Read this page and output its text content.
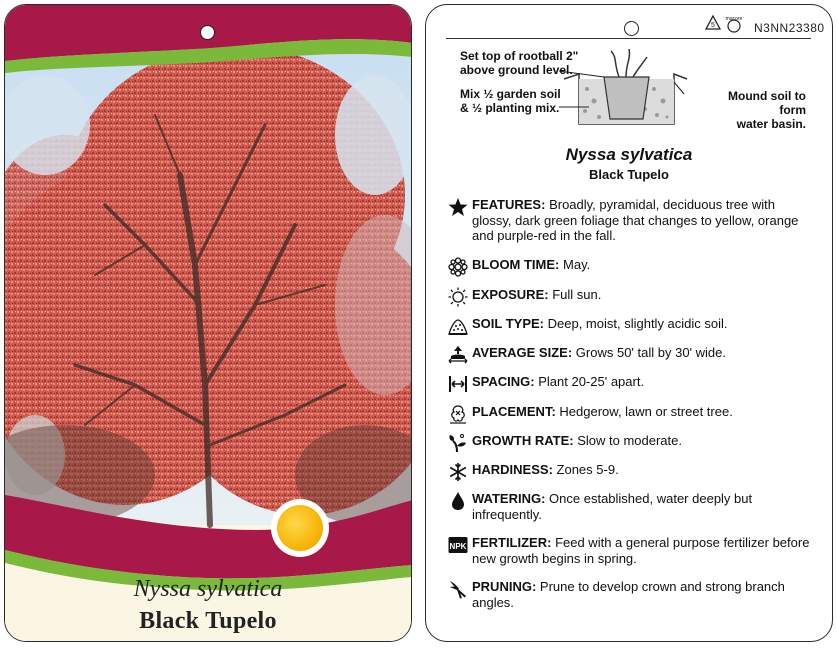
Nyssa sylvatica
Black Tupelo
5
macore
N3NN23380
Set top of rootball 2"
above ground level.
Mix ½ garden soil
& ½ planting mix.
Mound soil to form
water basin.
Nyssa sylvatica
Black Tupelo
FEATURES: Broadly, pyramidal, deciduous tree with glossy, dark green foliage that changes to yellow, orange and purple-red in the fall.
BLOOM TIME: May.
EXPOSURE: Full sun.
SOIL TYPE: Deep, moist, slightly acidic soil.
AVERAGE SIZE: Grows 50' tall by 30' wide.
SPACING: Plant 20-25' apart.
PLACEMENT: Hedgerow, lawn or street tree.
GROWTH RATE: Slow to moderate.
HARDINESS: Zones 5-9.
WATERING: Once established, water deeply but infrequently.
NPK FERTILIZER: Feed with a general purpose fertilizer before new growth begins in spring.
PRUNING: Prune to develop crown and strong branch angles.
